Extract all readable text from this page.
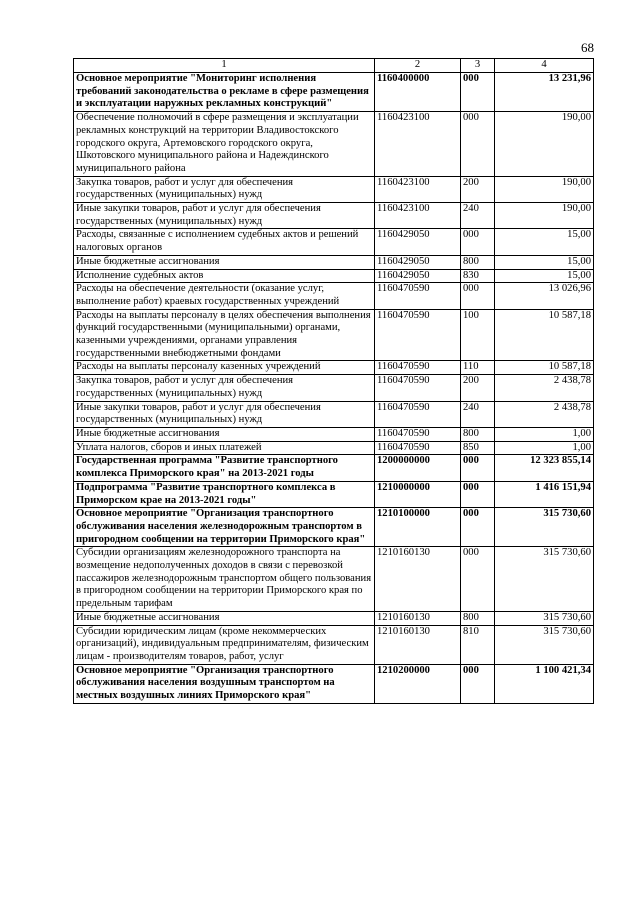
68
1	2	3	4
Основное мероприятие "Мониторинг исполнения требований законодательства о рекламе в сфере размещения и эксплуатации наружных рекламных конструкций"	1160400000	000	13 231,96
Обеспечение полномочий в сфере размещения и эксплуатации рекламных конструкций на территории Владивостокского городского округа, Артемовского городского округа, Шкотовского муниципального района и Надеждинского муниципального района	1160423100	000	190,00
Закупка товаров, работ и услуг для обеспечения государственных (муниципальных) нужд	1160423100	200	190,00
Иные закупки товаров, работ и услуг для обеспечения государственных (муниципальных) нужд	1160423100	240	190,00
Расходы, связанные с исполнением судебных актов и решений налоговых органов	1160429050	000	15,00
Иные бюджетные ассигнования	1160429050	800	15,00
Исполнение судебных актов	1160429050	830	15,00
Расходы на обеспечение деятельности (оказание услуг, выполнение работ) краевых государственных учреждений	1160470590	000	13 026,96
Расходы на выплаты персоналу в целях обеспечения выполнения функций государственными (муниципальными) органами, казенными учреждениями, органами управления государственными внебюджетными фондами	1160470590	100	10 587,18
Расходы на выплаты персоналу казенных учреждений	1160470590	110	10 587,18
Закупка товаров, работ и услуг для обеспечения государственных (муниципальных) нужд	1160470590	200	2 438,78
Иные закупки товаров, работ и услуг для обеспечения государственных (муниципальных) нужд	1160470590	240	2 438,78
Иные бюджетные ассигнования	1160470590	800	1,00
Уплата налогов, сборов и иных платежей	1160470590	850	1,00
Государственная программа "Развитие транспортного комплекса Приморского края" на 2013-2021 годы	1200000000	000	12 323 855,14
Подпрограмма "Развитие транспортного комплекса в Приморском крае на 2013-2021 годы"	1210000000	000	1 416 151,94
Основное мероприятие "Организация транспортного обслуживания населения железнодорожным транспортом в пригородном сообщении на территории Приморского края"	1210100000	000	315 730,60
Субсидии организациям железнодорожного транспорта на возмещение недополученных доходов в связи с перевозкой пассажиров железнодорожным транспортом общего пользования в пригородном сообщении на территории Приморского края по предельным тарифам	1210160130	000	315 730,60
Иные бюджетные ассигнования	1210160130	800	315 730,60
Субсидии юридическим лицам (кроме некоммерческих организаций), индивидуальным предпринимателям, физическим лицам - производителям товаров, работ, услуг	1210160130	810	315 730,60
Основное мероприятие "Организация транспортного обслуживания населения воздушным транспортом на местных воздушных линиях Приморского края"	1210200000	000	1 100 421,34
